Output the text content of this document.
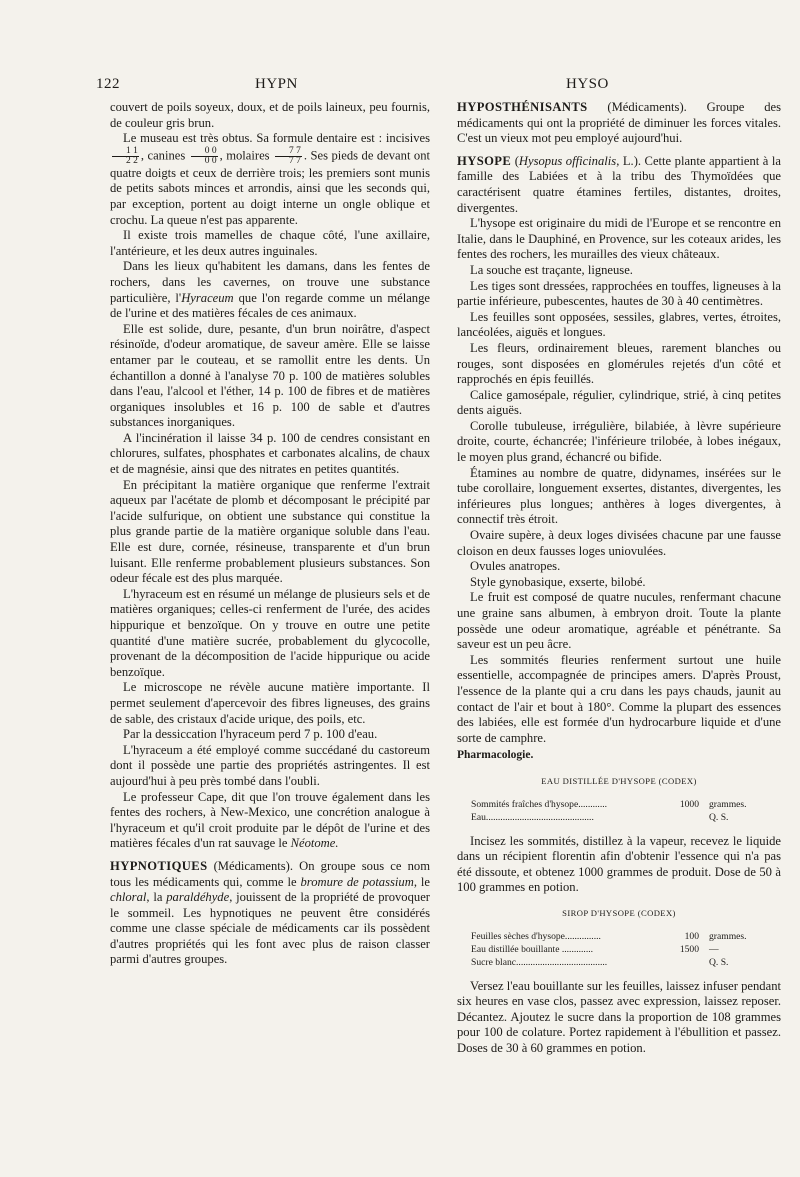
122	HYPN	HYSO

couvert de poils soyeux, doux, et de poils laineux, peu fournis, de couleur gris brun.

Le museau est très obtus. Sa formule dentaire est : incisives
$\frac{1 1}{2 2}$ , canines $\frac{0 0}{0 0}$ , molaires $\frac{7 7}{7 7}$ . Ses pieds de devant ont quatre doigts et ceux de derrière trois; les premiers sont munis de petits sabots minces et arrondis, ainsi que les seconds qui, par exception, portent au doigt interne un ongle oblique et crochu. La queue n'est pas apparente.

Il existe trois mamelles de chaque côté, l'une axillaire, l'antérieure, et les deux autres inguinales.

Dans les lieux qu'habitent les damans, dans les fentes de rochers, dans les cavernes, on trouve une substance particulière, l'Hyraceum que l'on regarde comme un mélange de l'urine et des matières fécales de ces animaux.

Elle est solide, dure, pesante, d'un brun noirâtre, d'aspect résinoïde, d'odeur aromatique, de saveur amère. Elle se laisse entamer par le couteau, et se ramollit entre les dents. Un échantillon a donné à l'analyse 70 p. 100 de matières solubles dans l'eau, l'alcool et l'éther, 14 p. 100 de fibres et de matières organiques insolubles et 16 p. 100 de sable et d'autres substances inorganiques.

A l'incinération il laisse 34 p. 100 de cendres consistant en chlorures, sulfates, phosphates et carbonates alcalins, de chaux et de magnésie, ainsi que des nitrates en petites quantités.

En précipitant la matière organique que renferme l'extrait aqueux par l'acétate de plomb et décomposant le précipité par l'acide sulfurique, on obtient une substance qui constitue la plus grande partie de la matière organique soluble dans l'eau. Elle est dure, cornée, résineuse, transparente et d'un brun luisant. Elle renferme probablement plusieurs substances. Son odeur fécale est des plus marquée.

L'hyraceum est en résumé un mélange de plusieurs sels et de matières organiques; celles-ci renferment de l'urée, des acides hippurique et benzoïque. On y trouve en outre une petite quantité d'une matière sucrée, probablement du glycocolle, provenant de la décomposition de l'acide hippurique ou acide benzoïque.

Le microscope ne révèle aucune matière importante. Il permet seulement d'apercevoir des fibres ligneuses, des grains de sable, des cristaux d'acide urique, des poils, etc.

Par la dessiccation l'hyraceum perd 7 p. 100 d'eau.

L'hyraceum a été employé comme succédané du castoreum dont il possède une partie des propriétés astringentes. Il est aujourd'hui à peu près tombé dans l'oubli.

Le professeur Cape, dit que l'on trouve également dans les fentes des rochers, à New-Mexico, une concrétion analogue à l'hyraceum et qu'il croit produite par le dépôt de l'urine et des matières fécales d'un rat sauvage le Néotome.

HYPNOTIQUES (Médicaments). On groupe sous ce nom tous les médicaments qui, comme le bromure de potassium, le chloral, la paraldéhyde, jouissent de la propriété de provoquer le sommeil. Les hypnotiques ne peuvent être considérés comme une classe spéciale de médicaments car ils possèdent d'autres propriétés qui les font avec plus de raison classer parmi d'autres groupes.

HYPOSTHÉNISANTS (Médicaments). Groupe des médicaments qui ont la propriété de diminuer les forces vitales. C'est un vieux mot peu employé aujourd'hui.

HYSOPE (Hysopus officinalis, L.). Cette plante appartient à la famille des Labiées et à la tribu des Thymoïdées que caractérisent quatre étamines fertiles, distantes, droites, divergentes.

L'hysope est originaire du midi de l'Europe et se rencontre en Italie, dans le Dauphiné, en Provence, sur les coteaux arides, les fentes des rochers, les murailles des vieux châteaux.

La souche est traçante, ligneuse.

Les tiges sont dressées, rapprochées en touffes, ligneuses à la partie inférieure, pubescentes, hautes de 30 à 40 centimètres.

Les feuilles sont opposées, sessiles, glabres, vertes, étroites, lancéolées, aiguës et longues.

Les fleurs, ordinairement bleues, rarement blanches ou rouges, sont disposées en glomérules rejetés d'un côté et rapprochés en épis feuillés.

Calice gamosépale, régulier, cylindrique, strié, à cinq petites dents aiguës.

Corolle tubuleuse, irrégulière, bilabiée, à lèvre supérieure droite, courte, échancrée; l'inférieure trilobée, à lobes inégaux, le moyen plus grand, échancré ou bifide.

Étamines au nombre de quatre, didynames, insérées sur le tube corollaire, longuement exsertes, distantes, divergentes, les inférieures plus longues; anthères à loges divergentes, à connectif très étroit.

Ovaire supère, à deux loges divisées chacune par une fausse cloison en deux fausses loges uniovulées.

Ovules anatropes.

Style gynobasique, exserte, bilobé.

Le fruit est composé de quatre nucules, renfermant chacune une graine sans albumen, à embryon droit. Toute la plante possède une odeur aromatique, agréable et pénétrante. Sa saveur est un peu âcre.

Les sommités fleuries renferment surtout une huile essentielle, accompagnée de principes amers. D'après Proust, l'essence de la plante qui a cru dans les pays chauds, jaunit au contact de l'air et bout à 180°. Comme la plupart des essences des labiées, elle est formée d'un hydrocarbure liquide et d'une sorte de camphre.

Pharmacologie.
EAU DISTILLÉE D'HYSOPE (CODEX)
Sommités fraîches d'hysope............	1000	grammes.
Eau.............................................		Q. S.

Incisez les sommités, distillez à la vapeur, recevez le liquide dans un récipient florentin afin d'obtenir l'essence qui n'a pas été dissoute, et obtenez 1000 grammes de produit. Dose de 50 à 100 grammes en potion.

SIROP D'HYSOPE (CODEX)
Feuilles sèches d'hysope...............	100	grammes.
Eau distillée bouillante .............	1500	—
Sucre blanc......................................		Q. S.

Versez l'eau bouillante sur les feuilles, laissez infuser pendant six heures en vase clos, passez avec expression, laissez reposer. Décantez. Ajoutez le sucre dans la proportion de 108 grammes pour 100 de colature. Portez rapidement à l'ébullition et passez. Doses de 30 à 60 grammes en potion.
